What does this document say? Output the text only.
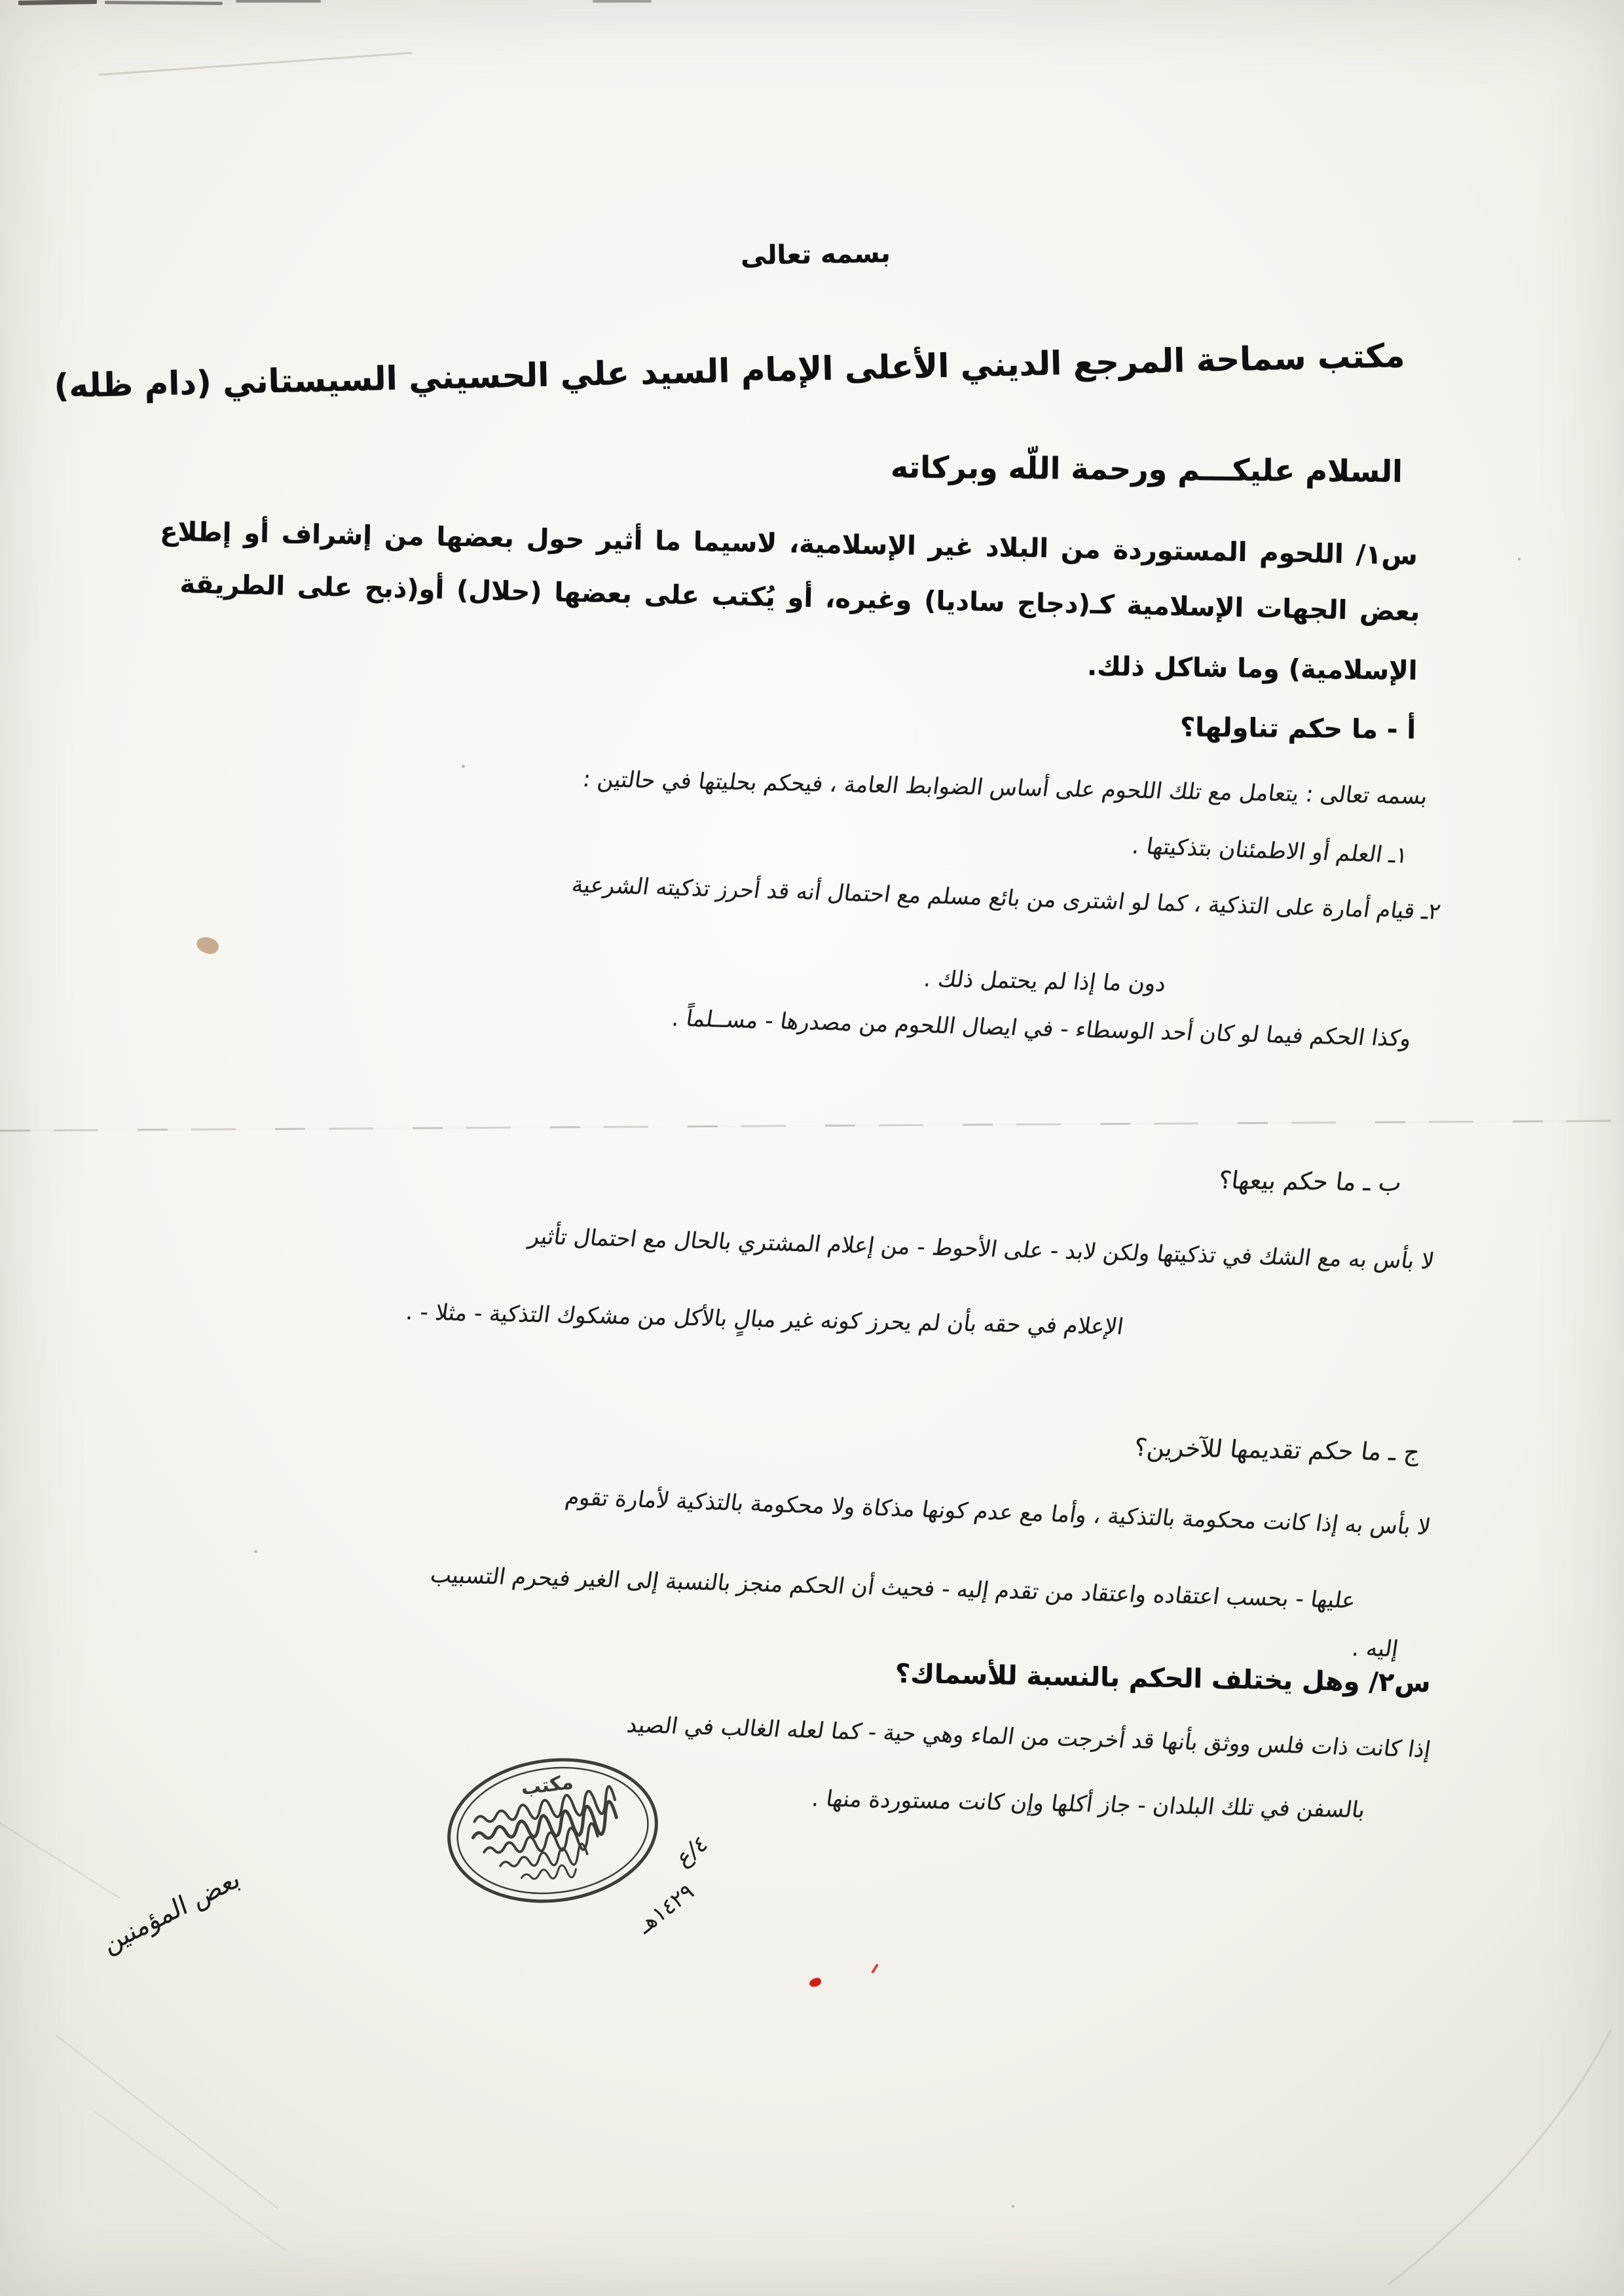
بسمه تعالى
مكتب سماحة المرجع الديني الأعلى الإمام السيد علي الحسيني السيستاني (دام ظله)
السلام عليكـــم ورحمة اللّه وبركاته
س١/ اللحوم المستوردة من البلاد غير الإسلامية، لاسيما ما أثير حول بعضها من إشراف أو إطلاع
بعض الجهات الإسلامية كـ(دجاج ساديا) وغيره، أو يُكتب على بعضها (حلال) أو(ذبح على الطريقة
الإسلامية) وما شاكل ذلك.
أ - ما حكم تناولها؟
بسمه تعالى : يتعامل مع تلك اللحوم على أساس الضوابط العامة ، فيحكم بحليتها في حالتين :
١ـ العلم أو الاطمئنان بتذكيتها .
٢ـ قيام أمارة على التذكية ، كما لو اشترى من بائع مسلم مع احتمال أنه قد أحرز تذكيته الشرعية
دون ما إذا لم يحتمل ذلك .
وكذا الحكم فيما لو كان أحد الوسطاء - في ايصال اللحوم من مصدرها - مســلماً .
ب ـ ما حكم بيعها؟
لا بأس به مع الشك في تذكيتها ولكن لابد - على الأحوط - من إعلام المشتري بالحال مع احتمال تأثير
الإعلام في حقه بأن لم يحرز كونه غير مبالٍ بالأكل من مشكوك التذكية - مثلا - .
ج ـ ما حكم تقديمها للآخرين؟
لا بأس به إذا كانت محكومة بالتذكية ، وأما مع عدم كونها مذكاة ولا محكومة بالتذكية لأمارة تقوم
عليها - بحسب اعتقاده واعتقاد من تقدم إليه - فحيث أن الحكم منجز بالنسبة إلى الغير فيحرم التسبيب
إليه .
س٢/ وهل يختلف الحكم بالنسبة للأسماك؟
إذا كانت ذات فلس ووثق بأنها قد أخرجت من الماء وهي حية - كما لعله الغالب في الصيد
بالسفن في تلك البلدان - جاز أكلها وإن كانت مستوردة منها .
مكتب
٤/ع
١٤٢٩هـ
بعض المؤمنين
